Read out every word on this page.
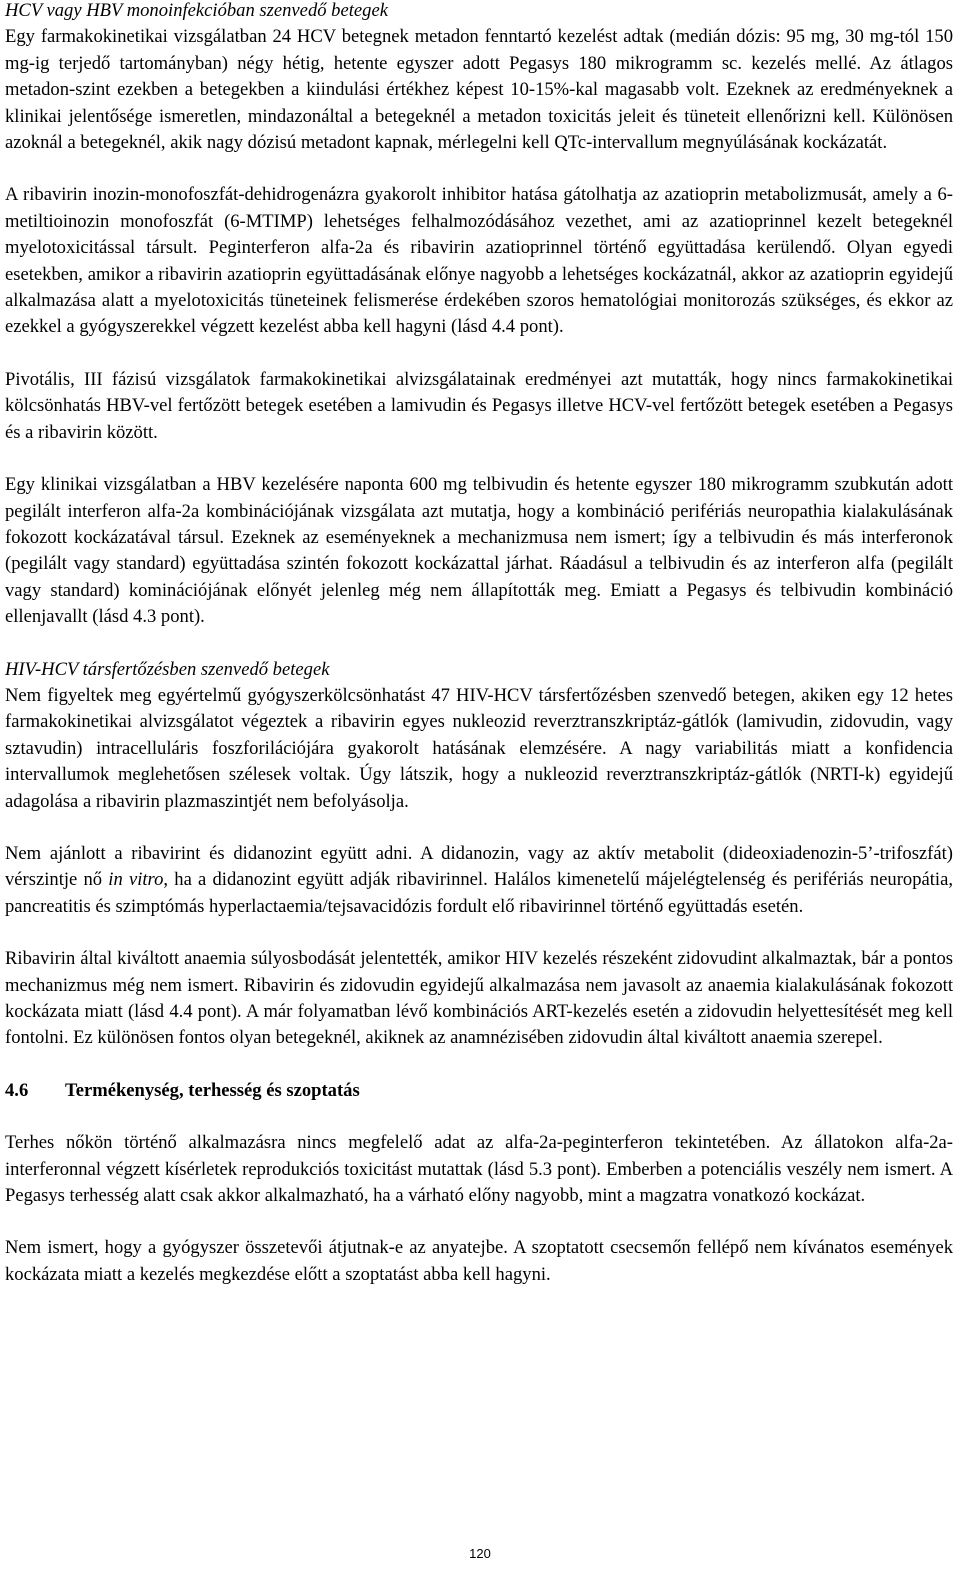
HCV vagy HBV monoinfekcióban szenvedő betegek

Egy farmakokinetikai vizsgálatban 24 HCV betegnek metadon fenntartó kezelést adtak (medián dózis: 95 mg, 30 mg-tól 150 mg-ig terjedő tartományban) négy hétig, hetente egyszer adott Pegasys 180 mikrogramm sc. kezelés mellé. Az átlagos metadon-szint ezekben a betegekben a kiindulási értékhez képest 10-15%-kal magasabb volt. Ezeknek az eredményeknek a klinikai jelentősége ismeretlen, mindazonáltal a betegeknél a metadon toxicitás jeleit és tüneteit ellenőrizni kell. Különösen azoknál a betegeknél, akik nagy dózisú metadont kapnak, mérlegelni kell QTc-intervallum megnyúlásának kockázatát.

A ribavirin inozin-monofoszfát-dehidrogenázra gyakorolt inhibitor hatása gátolhatja az azatioprin metabolizmusát, amely a 6-metiltioinozin monofoszfát (6-MTIMP) lehetséges felhalmozódásához vezethet, ami az azatioprinnel kezelt betegeknél myelotoxicitással társult. Peginterferon alfa-2a és ribavirin azatioprinnel történő együttadása kerülendő. Olyan egyedi esetekben, amikor a ribavirin azatioprin együttadásának előnye nagyobb a lehetséges kockázatnál, akkor az azatioprin egyidejű alkalmazása alatt a myelotoxicitás tüneteinek felismerése érdekében szoros hematológiai monitorozás szükséges, és ekkor az ezekkel a gyógyszerekkel végzett kezelést abba kell hagyni (lásd 4.4 pont).

Pivotális, III fázisú vizsgálatok farmakokinetikai alvizsgálatainak eredményei azt mutatták, hogy nincs farmakokinetikai kölcsönhatás HBV-vel fertőzött betegek esetében a lamivudin és Pegasys illetve HCV-vel fertőzött betegek esetében a Pegasys és a ribavirin között.

Egy klinikai vizsgálatban a HBV kezelésére naponta 600 mg telbivudin és hetente egyszer 180 mikrogramm szubkután adott pegilált interferon alfa-2a kombinációjának vizsgálata azt mutatja, hogy a kombináció perifériás neuropathia kialakulásának fokozott kockázatával társul. Ezeknek az eseményeknek a mechanizmusa nem ismert; így a telbivudin és más interferonok (pegilált vagy standard) együttadása szintén fokozott kockázattal járhat. Ráadásul a telbivudin és az interferon alfa (pegilált vagy standard) kominációjának előnyét jelenleg még nem állapították meg. Emiatt a Pegasys és telbivudin kombináció ellenjavallt (lásd 4.3 pont).

HIV-HCV társfertőzésben szenvedő betegek

Nem figyeltek meg egyértelmű gyógyszerkölcsönhatást 47 HIV-HCV társfertőzésben szenvedő betegen, akiken egy 12 hetes farmakokinetikai alvizsgálatot végeztek a ribavirin egyes nukleozid reverztranszkriptáz-gátlók (lamivudin, zidovudin, vagy sztavudin) intracelluláris foszforilációjára gyakorolt hatásának elemzésére. A nagy variabilitás miatt a konfidencia intervallumok meglehetősen szélesek voltak. Úgy látszik, hogy a nukleozid reverztranszkriptáz-gátlók (NRTI-k) egyidejű adagolása a ribavirin plazmaszintjét nem befolyásolja.

Nem ajánlott a ribavirint és didanozint együtt adni. A didanozin, vagy az aktív metabolit (dideoxiadenozin-5’-trifoszfát) vérszintje nő in vitro, ha a didanozint együtt adják ribavirinnel. Halálos kimenetelű májelégtelenség és perifériás neuropátia, pancreatitis és szimptómás hyperlactaemia/tejsavacidózis fordult elő ribavirinnel történő együttadás esetén.

Ribavirin által kiváltott anaemia súlyosbodását jelentették, amikor HIV kezelés részeként zidovudint alkalmaztak, bár a pontos mechanizmus még nem ismert. Ribavirin és zidovudin egyidejű alkalmazása nem javasolt az anaemia kialakulásának fokozott kockázata miatt (lásd 4.4 pont). A már folyamatban lévő kombinációs ART-kezelés esetén a zidovudin helyettesítését meg kell fontolni. Ez különösen fontos olyan betegeknél, akiknek az anamnézisében zidovudin által kiváltott anaemia szerepel.

4.6	Termékenység, terhesség és szoptatás

Terhes nőkön történő alkalmazásra nincs megfelelő adat az alfa-2a-peginterferon tekintetében. Az állatokon alfa-2a-interferonnal végzett kísérletek reprodukciós toxicitást mutattak (lásd 5.3 pont). Emberben a potenciális veszély nem ismert. A Pegasys terhesség alatt csak akkor alkalmazható, ha a várható előny nagyobb, mint a magzatra vonatkozó kockázat.

Nem ismert, hogy a gyógyszer összetevői átjutnak-e az anyatejbe. A szoptatott csecsemőn fellépő nem kívánatos események kockázata miatt a kezelés megkezdése előtt a szoptatást abba kell hagyni.

120
